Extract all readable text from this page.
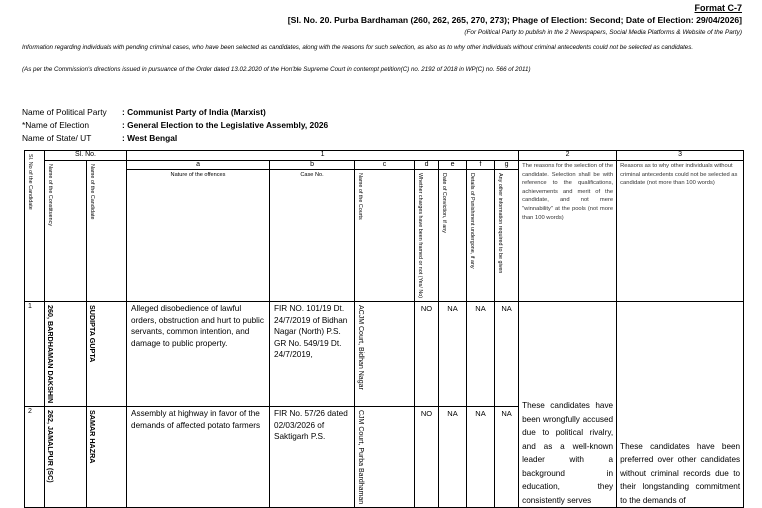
Format C-7
[Sl. No. 20. Purba Bardhaman (260, 262, 265, 270, 273); Phage of Election: Second; Date of Election: 29/04/2026]
(For Political Party to publish in the 2 Newspapers, Social Media Platforms & Website of the Party)
Information regarding individuals with pending criminal cases, who have been selected as candidates, along with the reasons for such selection, as also as to why other individuals without criminal antecedents could not be selected as candidates.
(As per the Commission's directions issued in pursuance of the Order dated 13.02.2020 of the Hon'ble Supreme Court in contempt petition(C) no. 2192 of 2018 in WP(C) no. 566 of 2011)
Name of Political Party : Communist Party of India (Marxist)
*Name of Election	: General Election to the Legislative Assembly, 2026
Name of State/ UT	: West Bengal
Sl. No of the Candidate	Sl. No.		1							2	3

	Name of the Constituency	Name of the Candidate	a	b	c	d	e	f	g	The reasons for the selection of the candidate. Selection shall be with reference to the qualifications, achievements and merit of the candidate, and not mere "winnability" at the pools (not more than 100 words)	Reasons as to why other individuals without criminal antecedents could not be selected as candidate (not more than 100 words)

			Nature of the offences	Case No.	Name of the Courts	Whether charges have been framed or not (Yes/ No)	Date of Conviction, if any	Details of Punishment undergone, if any	Any other information required to be given		

1	260, BARDHAMAN DAKSHIN	SUDIPTA GUPTA	Alleged disobedience of lawful orders, obstruction and hurt to public servants, common intention, and damage to public property.	FIR NO. 101/19 Dt. 24/7/2019 of Bidhan Nagar (North) P.S. GR No. 549/19 Dt. 24/7/2019,	ACJM Court, Bidhan Nagar	NO	NA	NA	NA	These candidates have been wrongfully accused due to political rivalry, and as a well-known leader with a background in education, they consistently serves	These candidates have been preferred over other candidates without criminal records due to their longstanding commitment to the demands of

2	262, JAMALPUR (SC)	SAMAR HAZRA	Assembly at highway in favor of the demands of affected potato farmers	FIR No. 57/26 dated 02/03/2026 of Saktigarh P.S.	CJM Court, Purba Bardhaman	NO	NA	NA	NA		
